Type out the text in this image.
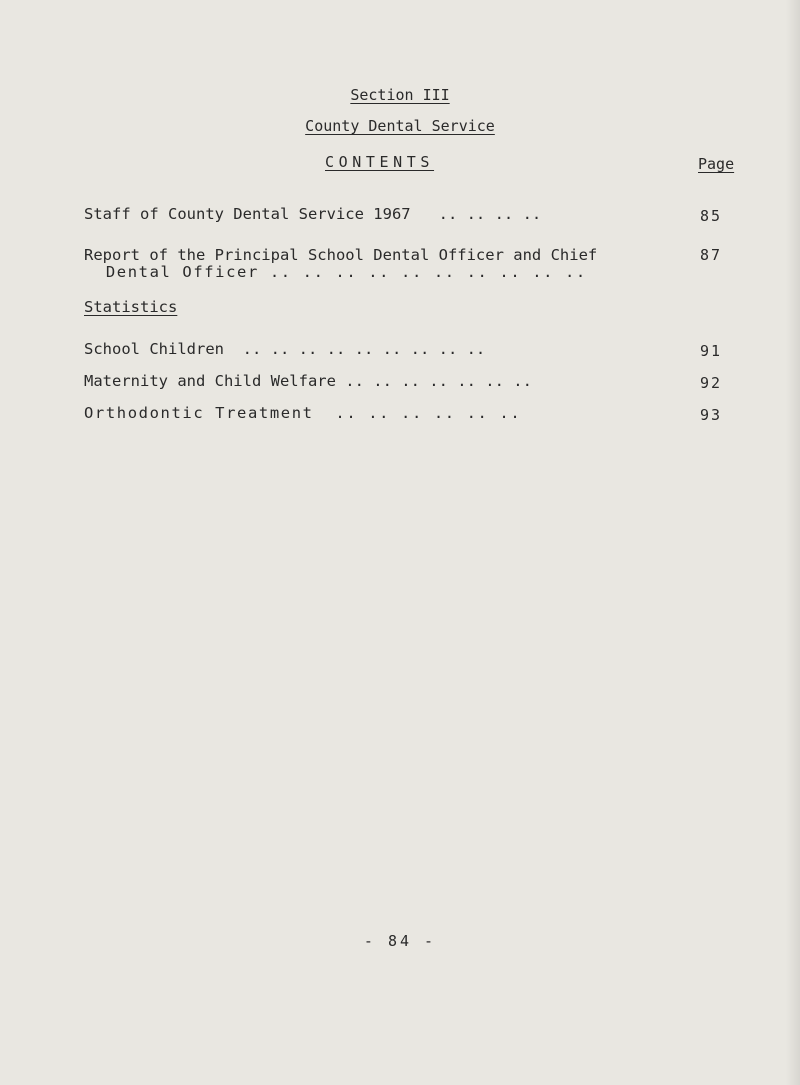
Section III
County Dental Service
CONTENTS	Page
Staff of County Dental Service 1967   .. .. .. ..	85
Report of the Principal School Dental Officer and Chief	87
Dental Officer .. .. .. .. .. .. .. .. .. ..
Statistics
School Children  .. .. .. .. .. .. .. .. ..	91
Maternity and Child Welfare .. .. .. .. .. .. ..	92
Orthodontic Treatment  .. .. .. .. .. ..	93
- 84 -
